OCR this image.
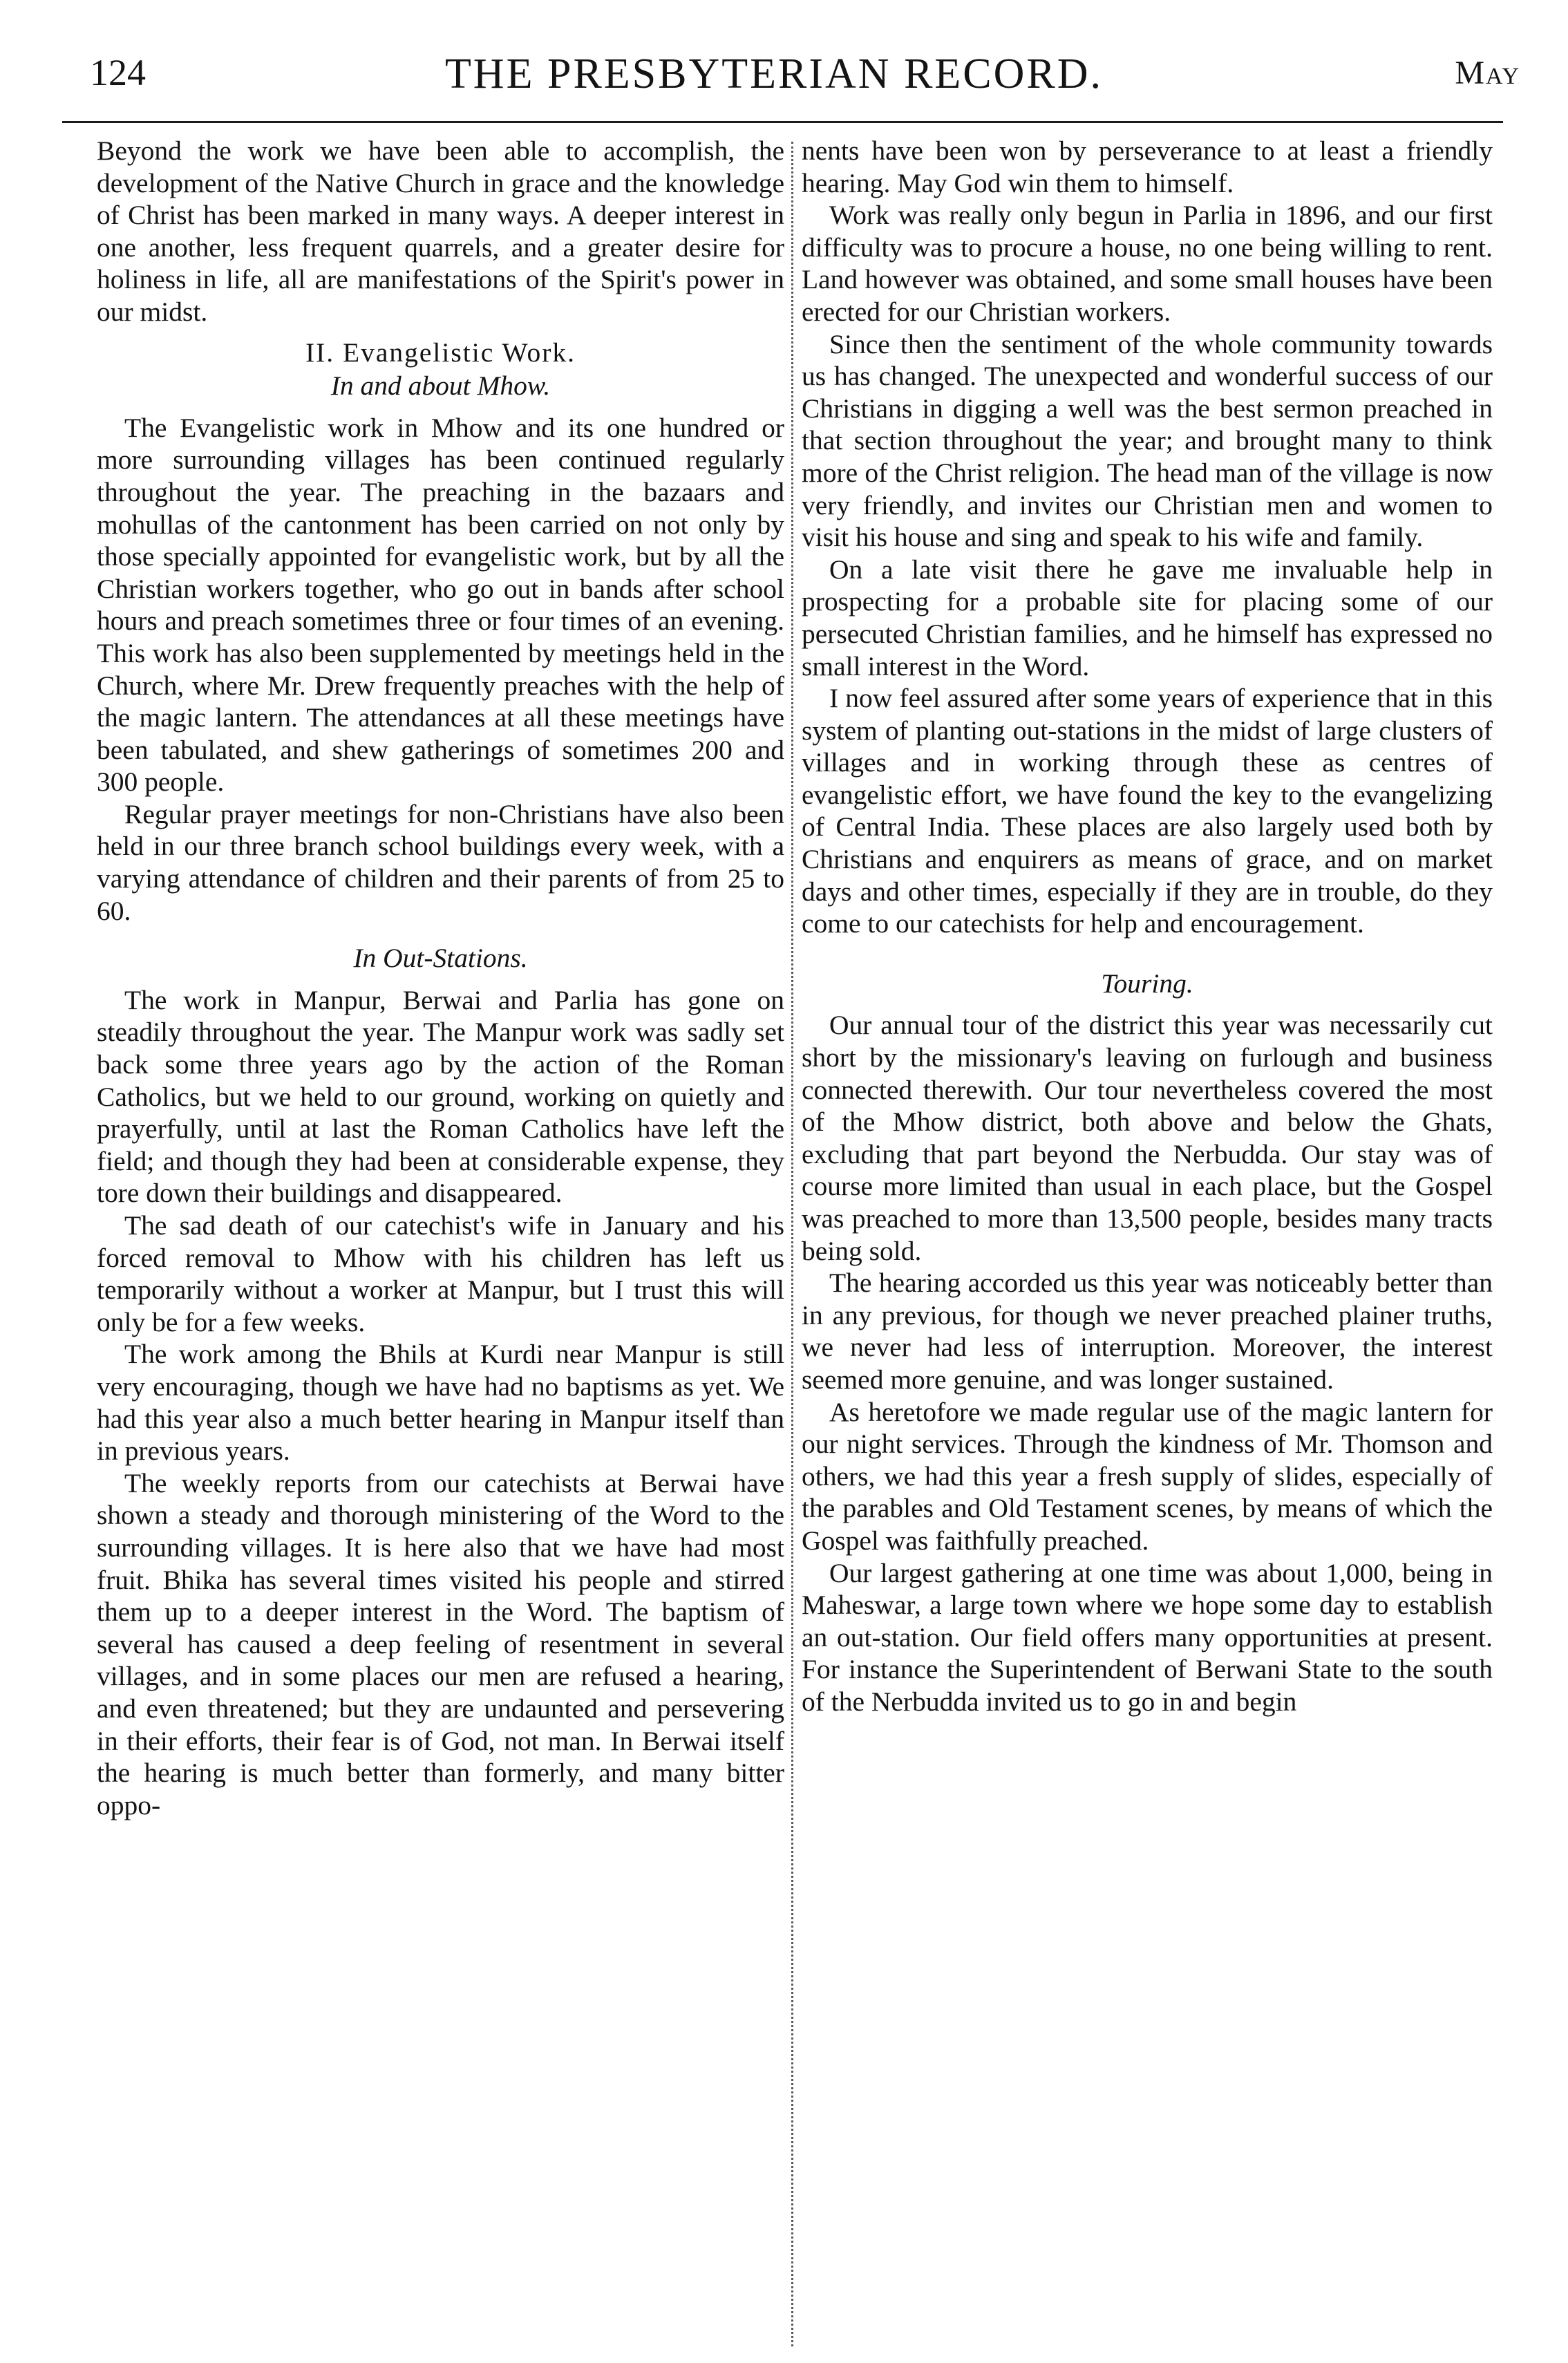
124	THE PRESBYTERIAN RECORD.	May

Beyond the work we have been able to accomplish, the development of the Native Church in grace and the knowledge of Christ has been marked in many ways. A deeper interest in one another, less frequent quarrels, and a greater desire for holiness in life, all are manifestations of the Spirit's power in our midst.

II. Evangelistic Work.
In and about Mhow.

The Evangelistic work in Mhow and its one hundred or more surrounding villages has been continued regularly throughout the year. The preaching in the bazaars and mohullas of the cantonment has been carried on not only by those specially appointed for evangelistic work, but by all the Christian workers together, who go out in bands after school hours and preach sometimes three or four times of an evening. This work has also been supplemented by meetings held in the Church, where Mr. Drew frequently preaches with the help of the magic lantern. The attendances at all these meetings have been tabulated, and shew gatherings of sometimes 200 and 300 people.

Regular prayer meetings for non-Christians have also been held in our three branch school buildings every week, with a varying attendance of children and their parents of from 25 to 60.

In Out-Stations.

The work in Manpur, Berwai and Parlia has gone on steadily throughout the year. The Manpur work was sadly set back some three years ago by the action of the Roman Catholics, but we held to our ground, working on quietly and prayerfully, until at last the Roman Catholics have left the field; and though they had been at considerable expense, they tore down their buildings and disappeared.

The sad death of our catechist's wife in January and his forced removal to Mhow with his children has left us temporarily without a worker at Manpur, but I trust this will only be for a few weeks.

The work among the Bhils at Kurdi near Manpur is still very encouraging, though we have had no baptisms as yet. We had this year also a much better hearing in Manpur itself than in previous years.

The weekly reports from our catechists at Berwai have shown a steady and thorough ministering of the Word to the surrounding villages. It is here also that we have had most fruit. Bhika has several times visited his people and stirred them up to a deeper interest in the Word. The baptism of several has caused a deep feeling of resentment in several villages, and in some places our men are refused a hearing, and even threatened; but they are undaunted and persevering in their efforts, their fear is of God, not man. In Berwai itself the hearing is much better than formerly, and many bitter oppo-

nents have been won by perseverance to at least a friendly hearing. May God win them to himself.

Work was really only begun in Parlia in 1896, and our first difficulty was to procure a house, no one being willing to rent. Land however was obtained, and some small houses have been erected for our Christian workers.

Since then the sentiment of the whole community towards us has changed. The unexpected and wonderful success of our Christians in digging a well was the best sermon preached in that section throughout the year; and brought many to think more of the Christ religion. The head man of the village is now very friendly, and invites our Christian men and women to visit his house and sing and speak to his wife and family.

On a late visit there he gave me invaluable help in prospecting for a probable site for placing some of our persecuted Christian families, and he himself has expressed no small interest in the Word.

I now feel assured after some years of experience that in this system of planting out-stations in the midst of large clusters of villages and in working through these as centres of evangelistic effort, we have found the key to the evangelizing of Central India. These places are also largely used both by Christians and enquirers as means of grace, and on market days and other times, especially if they are in trouble, do they come to our catechists for help and encouragement.

Touring.

Our annual tour of the district this year was necessarily cut short by the missionary's leaving on furlough and business connected therewith. Our tour nevertheless covered the most of the Mhow district, both above and below the Ghats, excluding that part beyond the Nerbudda. Our stay was of course more limited than usual in each place, but the Gospel was preached to more than 13,500 people, besides many tracts being sold.

The hearing accorded us this year was noticeably better than in any previous, for though we never preached plainer truths, we never had less of interruption. Moreover, the interest seemed more genuine, and was longer sustained.

As heretofore we made regular use of the magic lantern for our night services. Through the kindness of Mr. Thomson and others, we had this year a fresh supply of slides, especially of the parables and Old Testament scenes, by means of which the Gospel was faithfully preached.

Our largest gathering at one time was about 1,000, being in Maheswar, a large town where we hope some day to establish an out-station. Our field offers many opportunities at present. For instance the Superintendent of Berwani State to the south of the Nerbudda invited us to go in and begin
